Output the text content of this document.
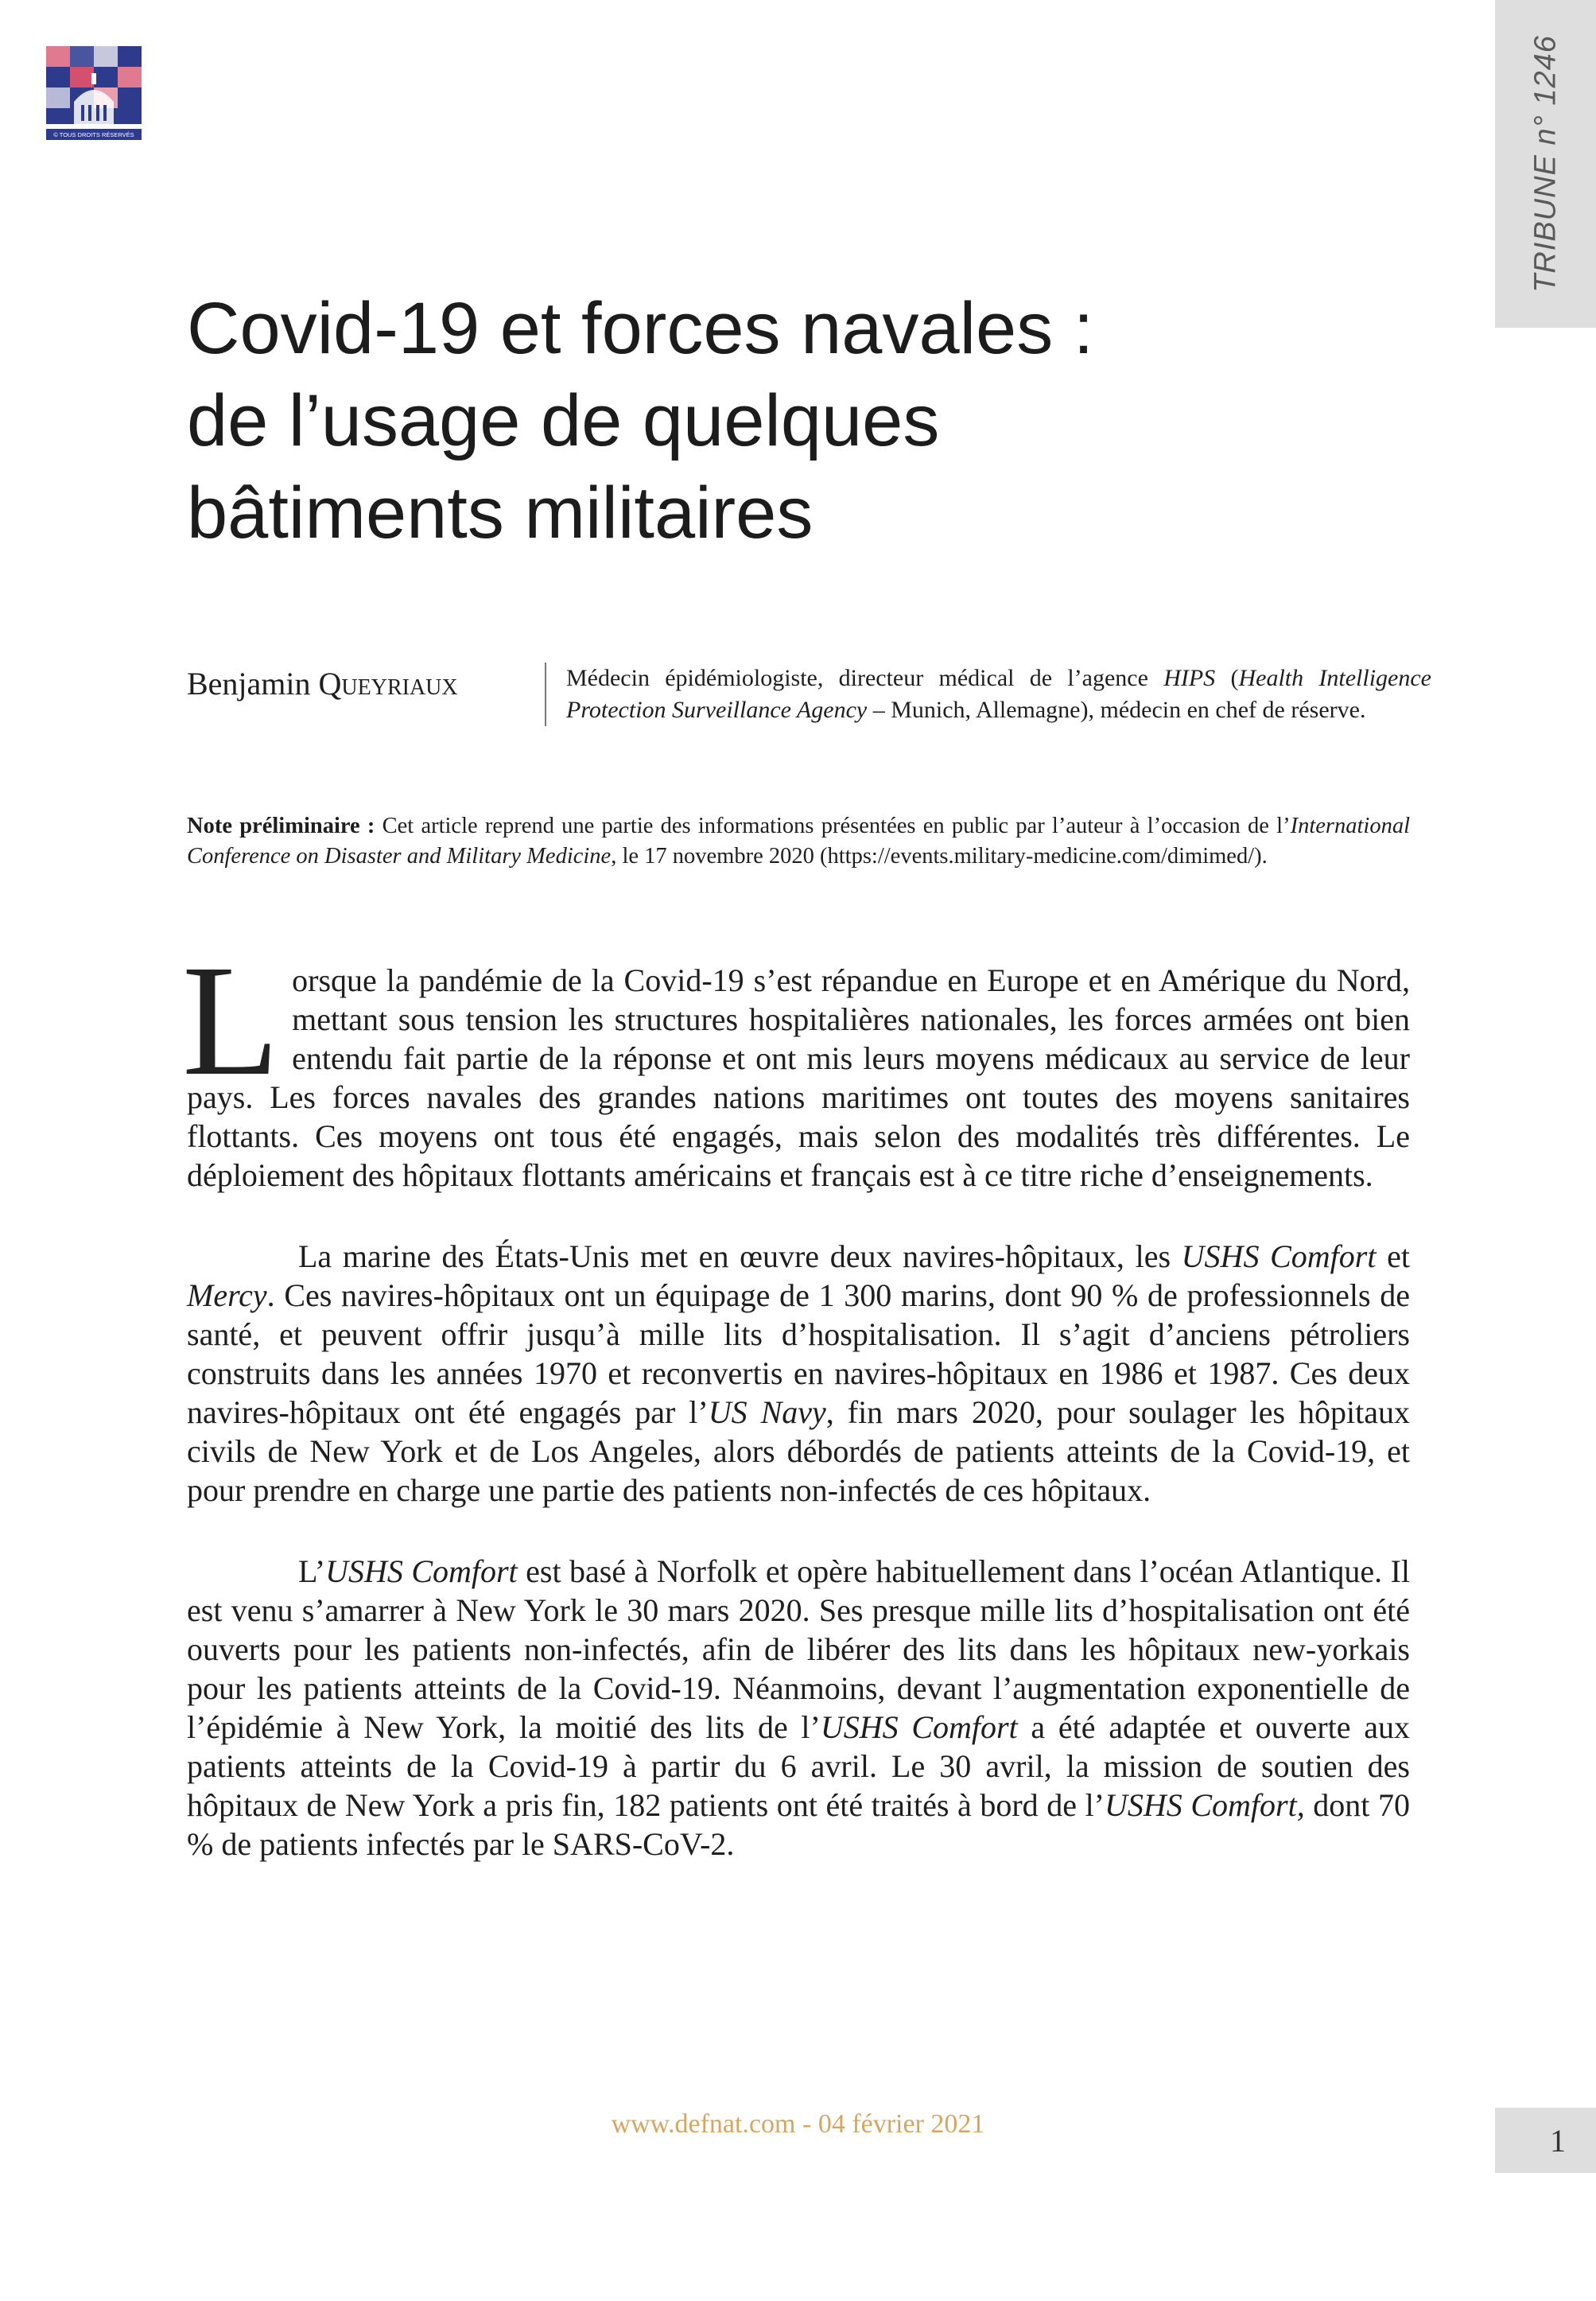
© TOUS DROITS RÉSERVÉS	TRIBUNE n° 1246
Covid-19 et forces navales :
de l’usage de quelques
bâtiments militaires
Benjamin Queyriaux	Médecin épidémiologiste, directeur médical de l’agence HIPS (Health Intelligence Protection Surveillance Agency – Munich, Allemagne), médecin en chef de réserve.
Note préliminaire : Cet article reprend une partie des informations présentées en public par l’auteur à l’occasion de l’International Conference on Disaster and Military Medicine, le 17 novembre 2020 (https://events.military-medicine.com/dimimed/).

Lorsque la pandémie de la Covid-19 s’est répandue en Europe et en Amérique du Nord, mettant sous tension les structures hospitalières nationales, les forces armées ont bien entendu fait partie de la réponse et ont mis leurs moyens médicaux au service de leur pays. Les forces navales des grandes nations maritimes ont toutes des moyens sanitaires flottants. Ces moyens ont tous été engagés, mais selon des modalités très différentes. Le déploiement des hôpitaux flottants américains et français est à ce titre riche d’enseignements.

La marine des États-Unis met en œuvre deux navires-hôpitaux, les USHS Comfort et Mercy. Ces navires-hôpitaux ont un équipage de 1 300 marins, dont 90 % de professionnels de santé, et peuvent offrir jusqu’à mille lits d’hospitalisation. Il s’agit d’anciens pétroliers construits dans les années 1970 et reconvertis en navires-hôpitaux en 1986 et 1987. Ces deux navires-hôpitaux ont été engagés par l’US Navy, fin mars 2020, pour soulager les hôpitaux civils de New York et de Los Angeles, alors débordés de patients atteints de la Covid-19, et pour prendre en charge une partie des patients non-infectés de ces hôpitaux.

L’USHS Comfort est basé à Norfolk et opère habituellement dans l’océan Atlantique. Il est venu s’amarrer à New York le 30 mars 2020. Ses presque mille lits d’hospitalisation ont été ouverts pour les patients non-infectés, afin de libérer des lits dans les hôpitaux new-yorkais pour les patients atteints de la Covid-19. Néanmoins, devant l’augmentation exponentielle de l’épidémie à New York, la moitié des lits de l’USHS Comfort a été adaptée et ouverte aux patients atteints de la Covid-19 à partir du 6 avril. Le 30 avril, la mission de soutien des hôpitaux de New York a pris fin, 182 patients ont été traités à bord de l’USHS Comfort, dont 70 % de patients infectés par le SARS-CoV-2.

www.defnat.com - 04 février 2021	1
